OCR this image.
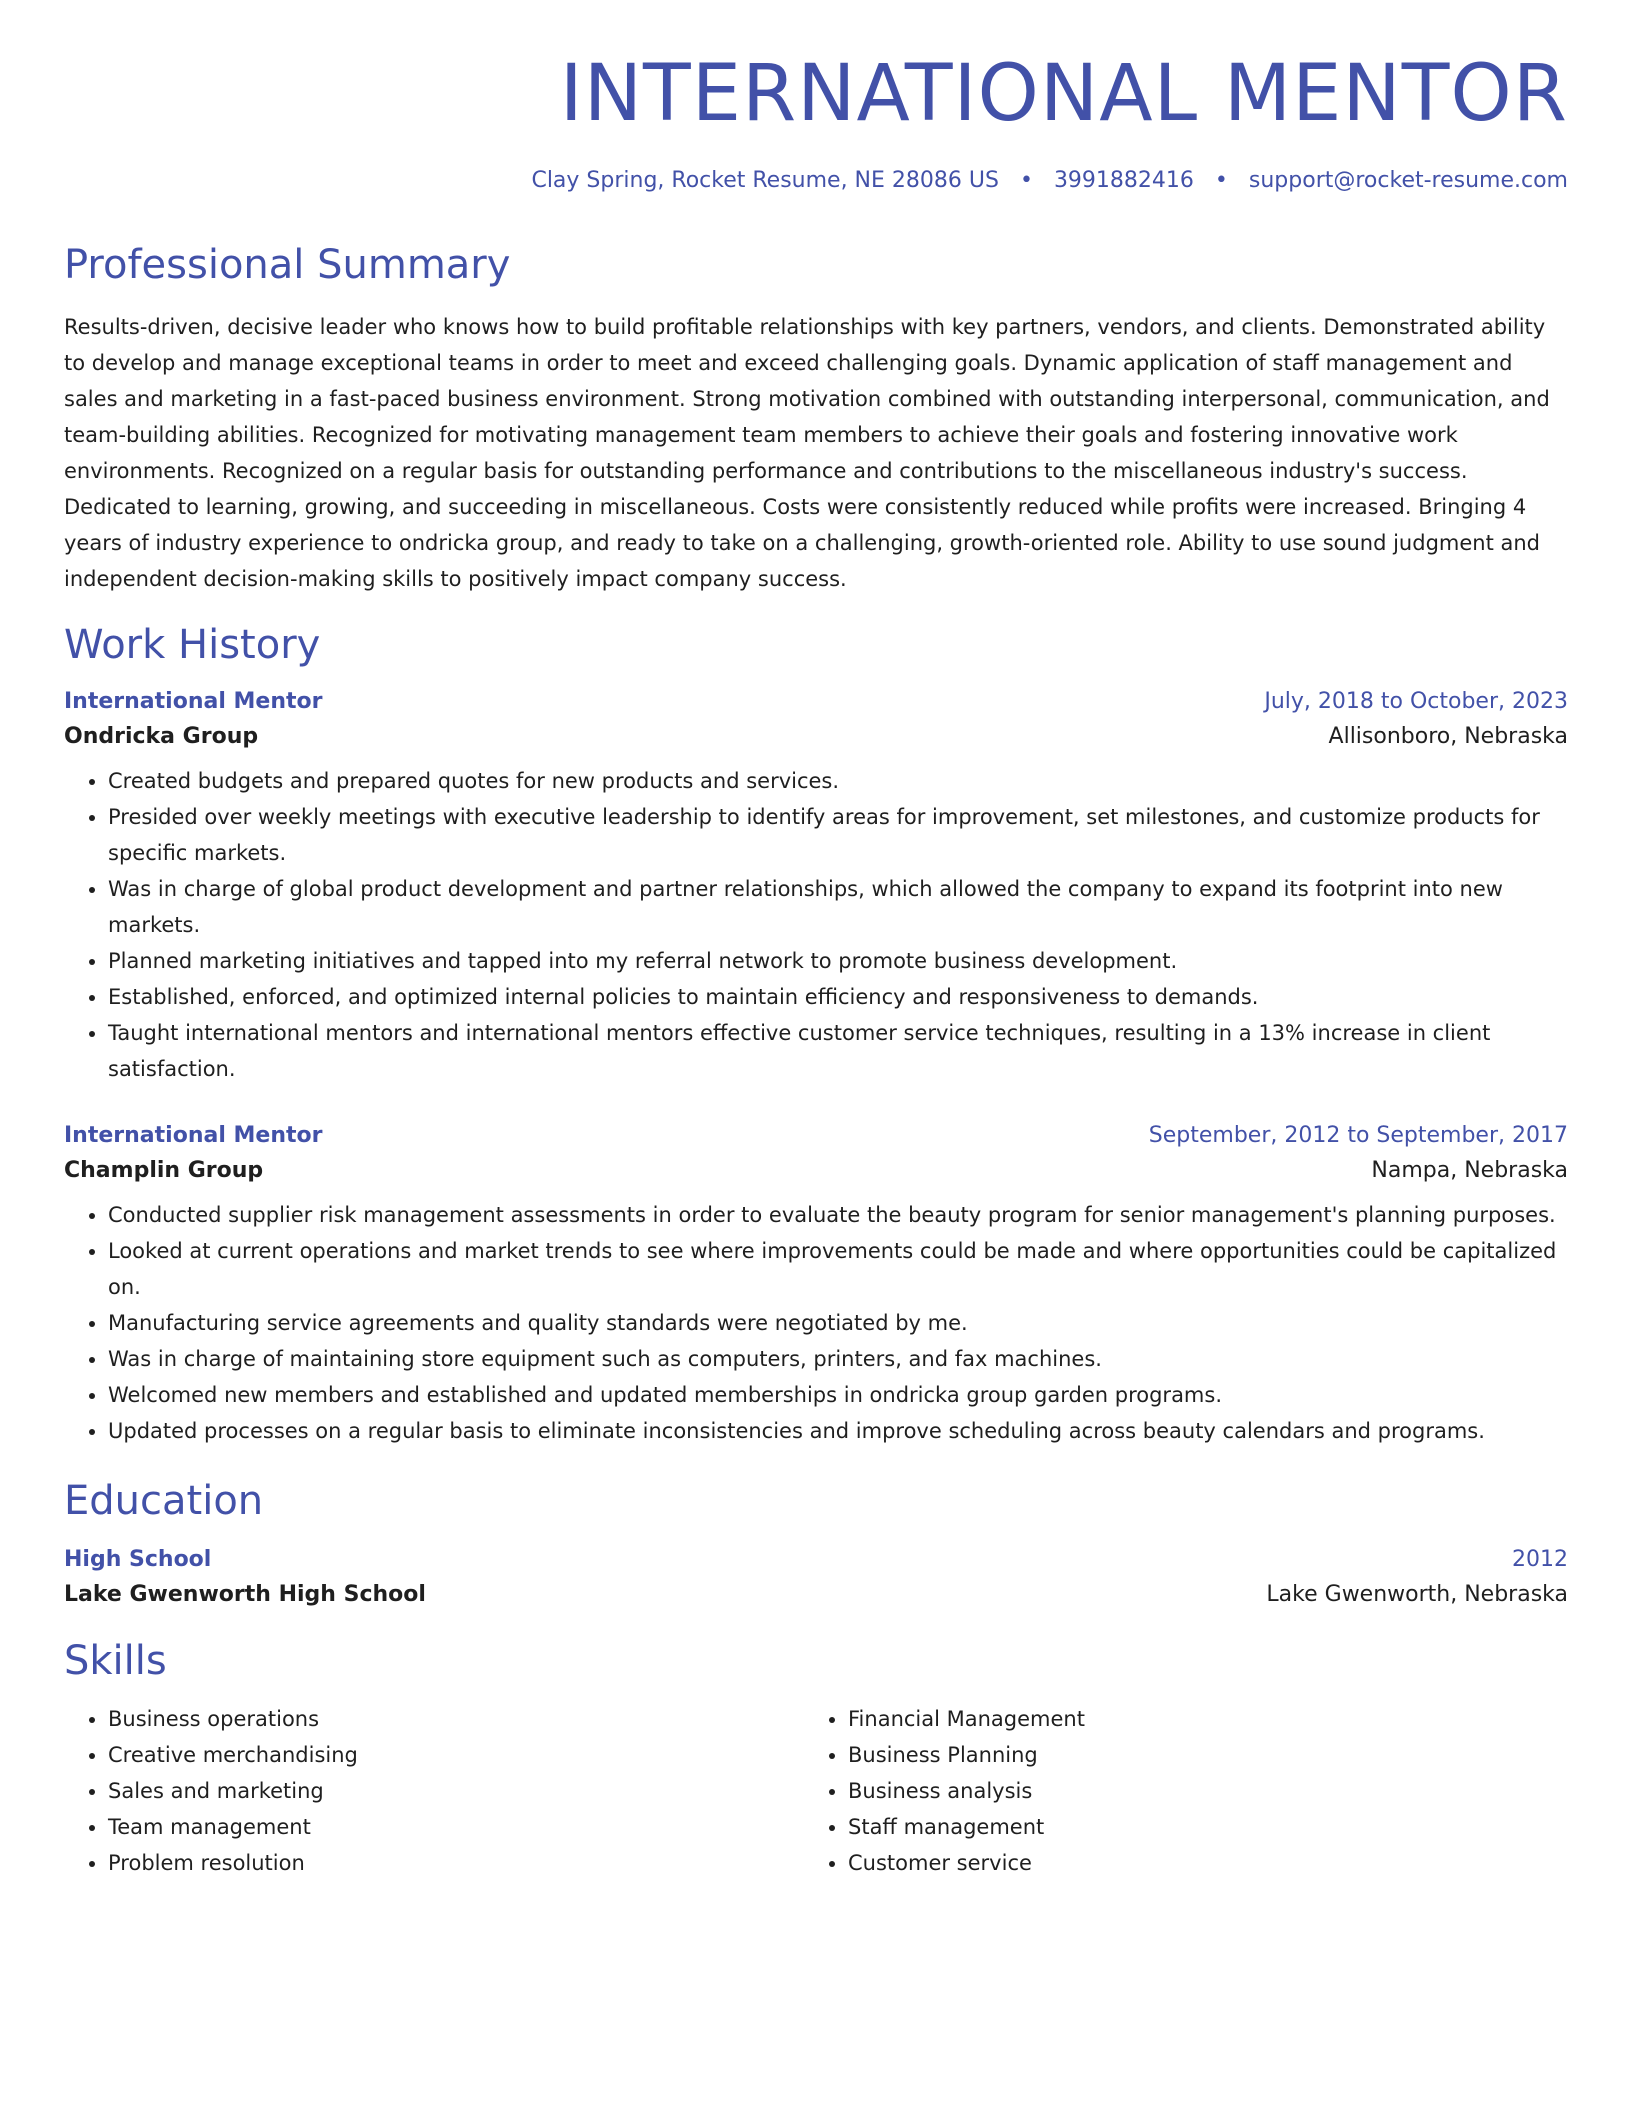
INTERNATIONAL MENTOR
Clay Spring, Rocket Resume, NE 28086 US • 3991882416 • support@rocket-resume.com
Professional Summary

Results-driven, decisive leader who knows how to build profitable relationships with key partners, vendors, and clients. Demonstrated ability to develop and manage exceptional teams in order to meet and exceed challenging goals. Dynamic application of staff management and sales and marketing in a fast-paced business environment. Strong motivation combined with outstanding interpersonal, communication, and team-building abilities. Recognized for motivating management team members to achieve their goals and fostering innovative work environments. Recognized on a regular basis for outstanding performance and contributions to the miscellaneous industry's success. Dedicated to learning, growing, and succeeding in miscellaneous. Costs were consistently reduced while profits were increased. Bringing 4 years of industry experience to ondricka group, and ready to take on a challenging, growth-oriented role. Ability to use sound judgment and independent decision-making skills to positively impact company success.

Work History
International Mentor	July, 2018 to October, 2023
Ondricka Group	Allisonboro, Nebraska
• Created budgets and prepared quotes for new products and services.
• Presided over weekly meetings with executive leadership to identify areas for improvement, set milestones, and customize products for specific markets.
• Was in charge of global product development and partner relationships, which allowed the company to expand its footprint into new markets.
• Planned marketing initiatives and tapped into my referral network to promote business development.
• Established, enforced, and optimized internal policies to maintain efficiency and responsiveness to demands.
• Taught international mentors and international mentors effective customer service techniques, resulting in a 13% increase in client satisfaction.
International Mentor	September, 2012 to September, 2017
Champlin Group	Nampa, Nebraska
• Conducted supplier risk management assessments in order to evaluate the beauty program for senior management's planning purposes.
• Looked at current operations and market trends to see where improvements could be made and where opportunities could be capitalized on.
• Manufacturing service agreements and quality standards were negotiated by me.
• Was in charge of maintaining store equipment such as computers, printers, and fax machines.
• Welcomed new members and established and updated memberships in ondricka group garden programs.
• Updated processes on a regular basis to eliminate inconsistencies and improve scheduling across beauty calendars and programs.
Education
High School	2012
Lake Gwenworth High School	Lake Gwenworth, Nebraska
Skills
• Business operations
• Creative merchandising
• Sales and marketing
• Team management
• Problem resolution
• Financial Management
• Business Planning
• Business analysis
• Staff management
• Customer service
